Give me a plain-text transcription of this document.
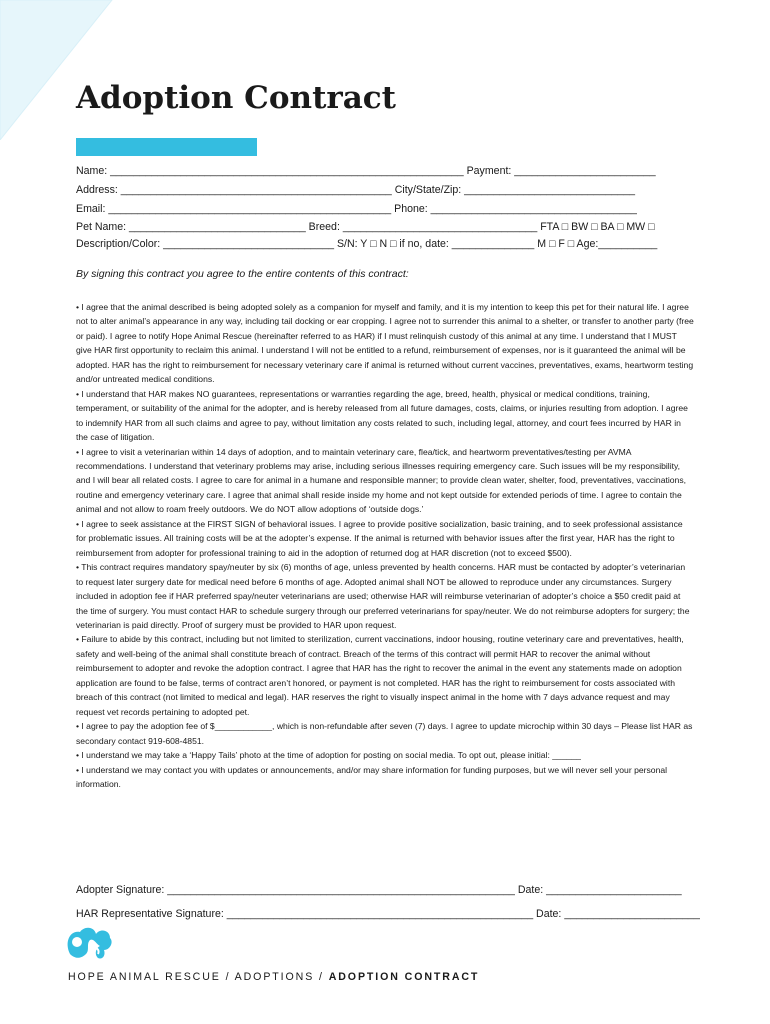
Adoption Contract
Name: ____________________________________________________________ Payment: ________________________
Address: ______________________________________________ City/State/Zip: _____________________________
Email: ________________________________________________ Phone: ___________________________________
Pet Name: ______________________________ Breed: _________________________________ FTA □ BW □ BA □ MW □
Description/Color: _____________________________ S/N: Y □ N □ if no, date: ______________ M □ F □ Age:__________
By signing this contract you agree to the entire contents of this contract:

• I agree that the animal described is being adopted solely as a companion for myself and family, and it is my intention to keep this pet for their natural life. I agree not to alter animal’s appearance in any way, including tail docking or ear cropping. I agree not to surrender this animal to a shelter, or transfer to another party (free or paid). I agree to notify Hope Animal Rescue (hereinafter referred to as HAR) if I must relinquish custody of this animal at any time. I understand that I MUST give HAR first opportunity to reclaim this animal. I understand I will not be entitled to a refund, reimbursement of expenses, nor is it guaranteed the animal will be adopted. HAR has the right to reimbursement for necessary veterinary care if animal is returned without current vaccines, preventatives, exams, heartworm testing and/or untreated medical conditions.

• I understand that HAR makes NO guarantees, representations or warranties regarding the age, breed, health, physical or medical conditions, training, temperament, or suitability of the animal for the adopter, and is hereby released from all future damages, costs, claims, or injuries resulting from adoption. I agree to indemnify HAR from all such claims and agree to pay, without limitation any costs related to such, including legal, attorney, and court fees incurred by HAR in the case of litigation.

• I agree to visit a veterinarian within 14 days of adoption, and to maintain veterinary care, flea/tick, and heartworm preventatives/testing per AVMA recommendations. I understand that veterinary problems may arise, including serious illnesses requiring emergency care. Such issues will be my responsibility, and I will bear all related costs. I agree to care for animal in a humane and responsible manner; to provide clean water, shelter, food, preventatives, vaccinations, routine and emergency veterinary care. I agree that animal shall reside inside my home and not kept outside for extended periods of time. I agree to contain the animal and not allow to roam freely outdoors. We do NOT allow adoptions of ‘outside dogs.’

• I agree to seek assistance at the FIRST SIGN of behavioral issues. I agree to provide positive socialization, basic training, and to seek professional assistance for problematic issues. All training costs will be at the adopter’s expense. If the animal is returned with behavior issues after the first year, HAR has the right to reimbursement from adopter for professional training to aid in the adoption of returned dog at HAR discretion (not to exceed $500).

• This contract requires mandatory spay/neuter by six (6) months of age, unless prevented by health concerns. HAR must be contacted by adopter’s veterinarian to request later surgery date for medical need before 6 months of age. Adopted animal shall NOT be allowed to reproduce under any circumstances. Surgery included in adoption fee if HAR preferred spay/neuter veterinarians are used; otherwise HAR will reimburse veterinarian of adopter’s choice a $50 credit paid at the time of surgery. You must contact HAR to schedule surgery through our preferred veterinarians for spay/neuter. We do not reimburse adopters for surgery; the veterinarian is paid directly. Proof of surgery must be provided to HAR upon request.

• Failure to abide by this contract, including but not limited to sterilization, current vaccinations, indoor housing, routine veterinary care and preventatives, health, safety and well-being of the animal shall constitute breach of contract. Breach of the terms of this contract will permit HAR to recover the animal without reimbursement to adopter and revoke the adoption contract. I agree that HAR has the right to recover the animal in the event any statements made on adoption application are found to be false, terms of contract aren’t honored, or payment is not completed. HAR has the right to reimbursement for costs associated with breach of this contract (not limited to medical and legal). HAR reserves the right to visually inspect animal in the home with 7 days advance request and may request vet records pertaining to adopted pet.

• I agree to pay the adoption fee of $____________, which is non-refundable after seven (7) days. I agree to update microchip within 30 days – Please list HAR as secondary contact 919-608-4851.

• I understand we may take a ‘Happy Tails’ photo at the time of adoption for posting on social media. To opt out, please initial: ______

• I understand we may contact you with updates or announcements, and/or may share information for funding purposes, but we will never sell your personal information.

Adopter Signature: ___________________________________________________________ Date: _______________________
HAR Representative Signature: ____________________________________________________ Date: _______________________
HOPE ANIMAL RESCUE / ADOPTIONS / ADOPTION CONTRACT
